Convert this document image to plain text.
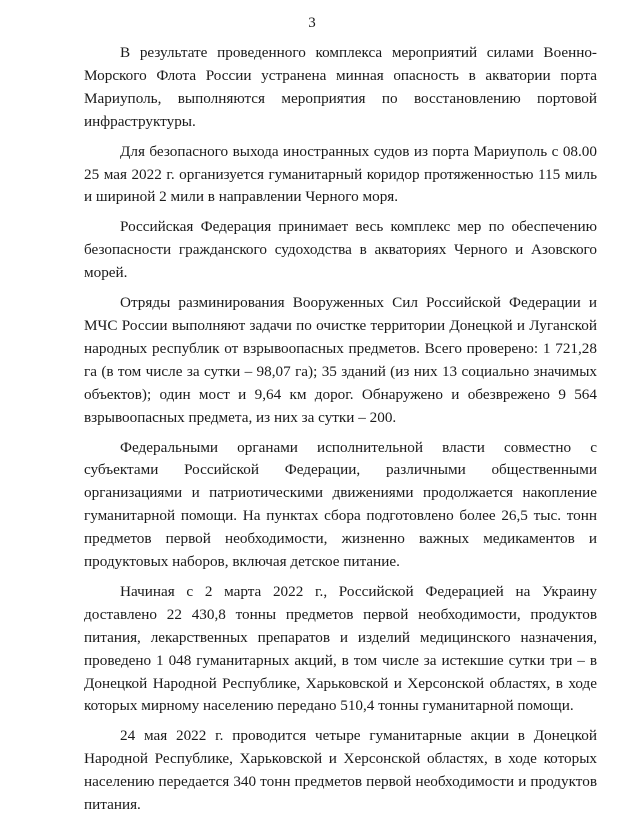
3

В результате проведенного комплекса мероприятий силами Военно-Морского Флота России устранена минная опасность в акватории порта Мариуполь, выполняются мероприятия по восстановлению портовой инфраструктуры.

Для безопасного выхода иностранных судов из порта Мариуполь с 08.00 25 мая 2022 г. организуется гуманитарный коридор протяженностью 115 миль и шириной 2 мили в направлении Черного моря.

Российская Федерация принимает весь комплекс мер по обеспечению безопасности гражданского судоходства в акваториях Черного и Азовского морей.

Отряды разминирования Вооруженных Сил Российской Федерации и МЧС России выполняют задачи по очистке территории Донецкой и Луганской народных республик от взрывоопасных предметов. Всего проверено: 1 721,28 га (в том числе за сутки – 98,07 га); 35 зданий (из них 13 социально значимых объектов); один мост и 9,64 км дорог. Обнаружено и обезврежено 9 564 взрывоопасных предмета, из них за сутки – 200.

Федеральными органами исполнительной власти совместно с субъектами Российской Федерации, различными общественными организациями и патриотическими движениями продолжается накопление гуманитарной помощи. На пунктах сбора подготовлено более 26,5 тыс. тонн предметов первой необходимости, жизненно важных медикаментов и продуктовых наборов, включая детское питание.

Начиная с 2 марта 2022 г., Российской Федерацией на Украину доставлено 22 430,8 тонны предметов первой необходимости, продуктов питания, лекарственных препаратов и изделий медицинского назначения, проведено 1 048 гуманитарных акций, в том числе за истекшие сутки три – в Донецкой Народной Республике, Харьковской и Херсонской областях, в ходе которых мирному населению передано 510,4 тонны гуманитарной помощи.

24 мая 2022 г. проводится четыре гуманитарные акции в Донецкой Народной Республике, Харьковской и Херсонской областях, в ходе которых населению передается 340 тонн предметов первой необходимости и продуктов питания.
